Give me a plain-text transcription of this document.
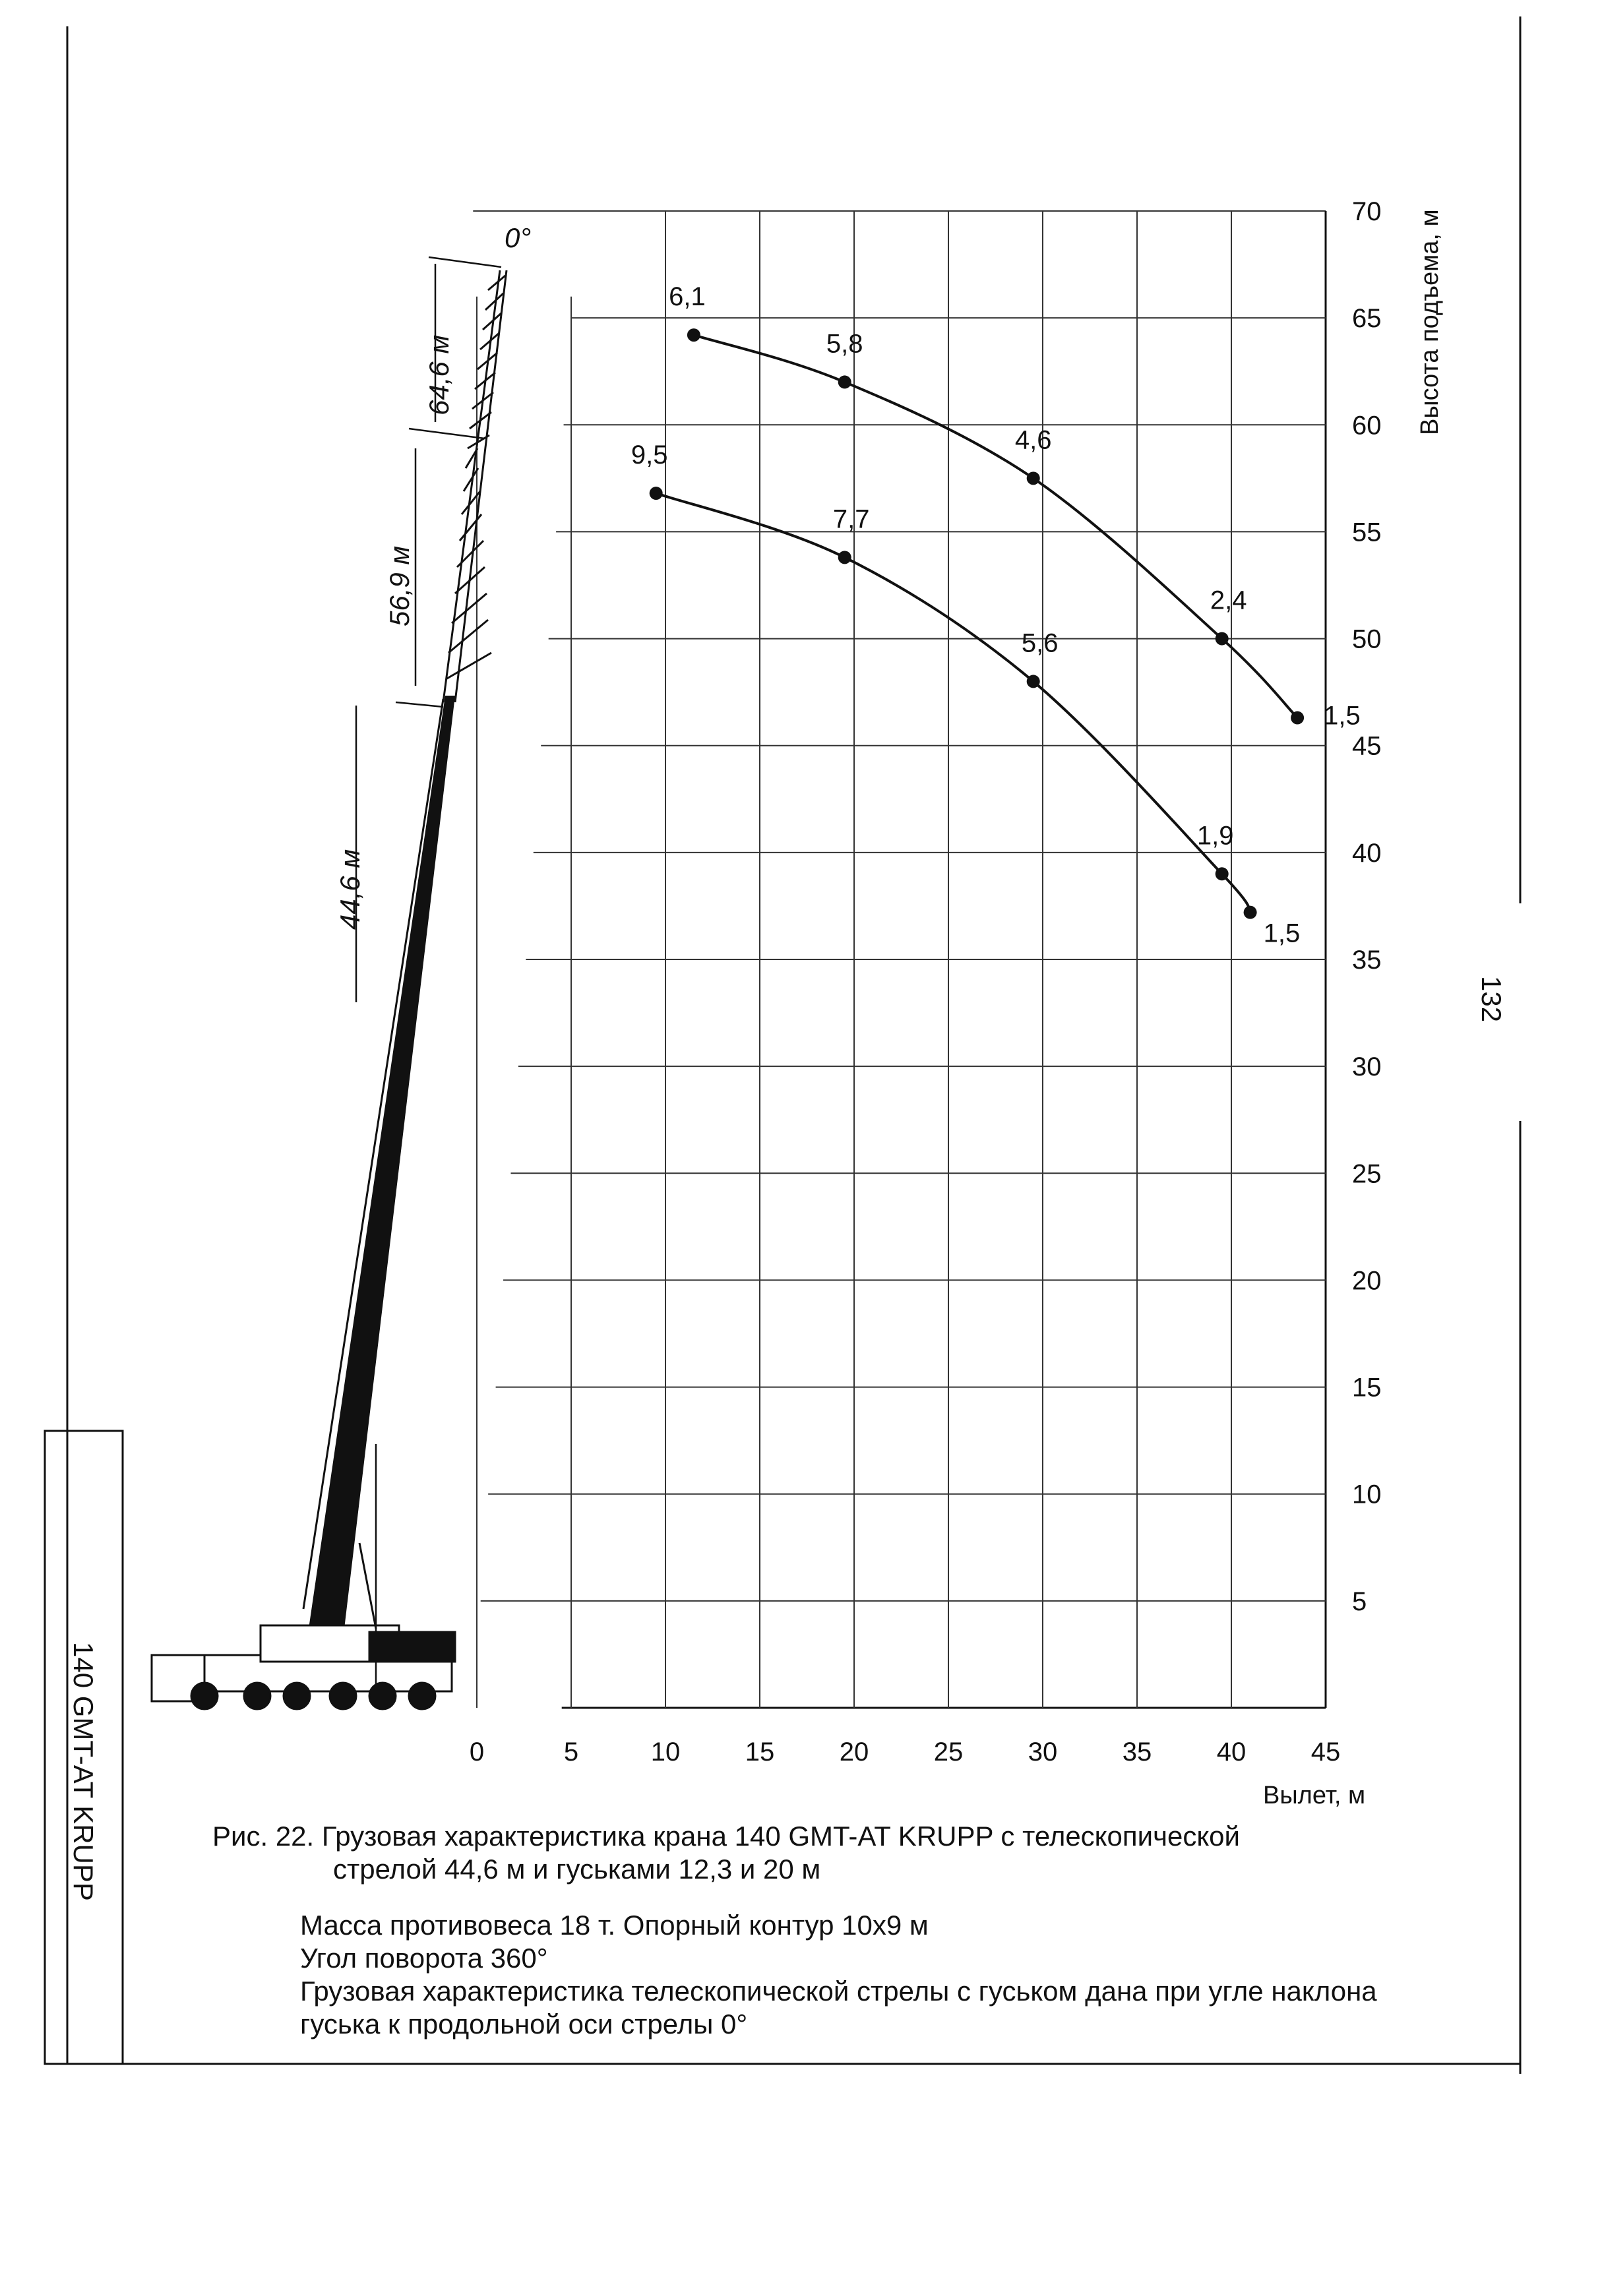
0	5	10 15 20 25 30 35 40 45
5
10
15
20
25
30
35
40
45
50
55
60
65
70
0°
44,6 м
56,9 м
64,6 м
6,1
5,8
4,6
2,4
1,5
9,5
7,7
5,6
1,9
1,5
Вылет, м
Высота подъема, м
132
140 GMT-AT KRUPP	Рис. 22. Грузовая характеристика крана 140 GMT-AT KRUPP с телескопической
стрелой 44,6 м и гуськами 12,3 и 20 м
Масса противовеса 18 т. Опорный контур 10х9 м
Угол поворота 360°
Грузовая характеристика телескопической стрелы с гуськом дана при угле наклона
гуська к продольной оси стрелы 0°
